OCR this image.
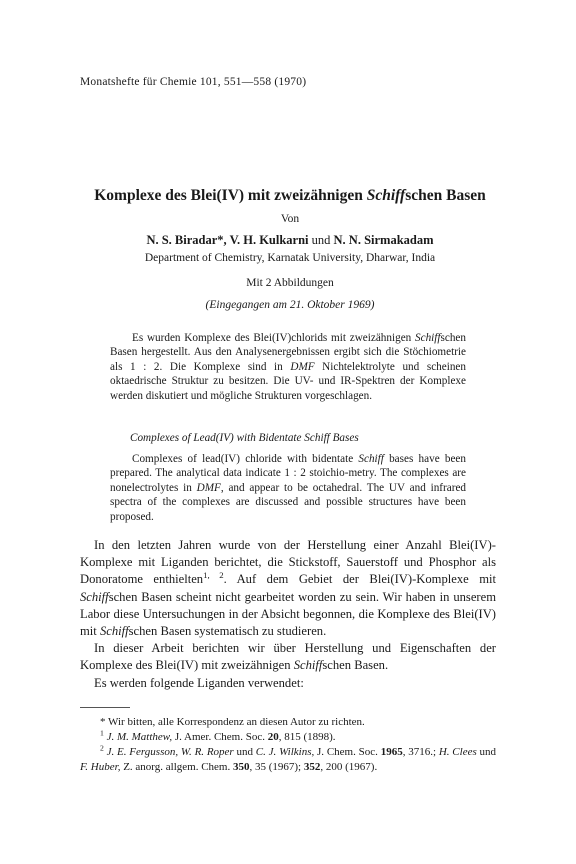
Monatshefte für Chemie 101, 551—558 (1970)
Komplexe des Blei(IV) mit zweizähnigen Schiffschen Basen
Von
N. S. Biradar*, V. H. Kulkarni und N. N. Sirmakadam
Department of Chemistry, Karnatak University, Dharwar, India
Mit 2 Abbildungen
(Eingegangen am 21. Oktober 1969)

Es wurden Komplexe des Blei(IV)chlorids mit zweizähnigen Schiffschen Basen hergestellt. Aus den Analysenergebnissen ergibt sich die Stöchiometrie als 1 : 2. Die Komplexe sind in DMF Nichtelektrolyte und scheinen oktaedrische Struktur zu besitzen. Die UV- und IR-Spektren der Komplexe werden diskutiert und mögliche Strukturen vorgeschlagen.

Complexes of Lead(IV) with Bidentate Schiff Bases

Complexes of lead(IV) chloride with bidentate Schiff bases have been prepared. The analytical data indicate 1 : 2 stoichio-metry. The complexes are nonelectrolytes in DMF, and appear to be octahedral. The UV and infrared spectra of the complexes are discussed and possible structures have been proposed.

In den letzten Jahren wurde von der Herstellung einer Anzahl Blei(IV)-Komplexe mit Liganden berichtet, die Stickstoff, Sauerstoff und Phosphor als Donoratome enthielten$^{1, 2}$. Auf dem Gebiet der Blei(IV)-Komplexe mit Schiffschen Basen scheint nicht gearbeitet worden zu sein. Wir haben in unserem Labor diese Untersuchungen in der Absicht begonnen, die Komplexe des Blei(IV) mit Schiffschen Basen systematisch zu studieren.

In dieser Arbeit berichten wir über Herstellung und Eigenschaften der Komplexe des Blei(IV) mit zweizähnigen Schiffschen Basen.

Es werden folgende Liganden verwendet:

* Wir bitten, alle Korrespondenz an diesen Autor zu richten.

$^1$ J. M. Matthew, J. Amer. Chem. Soc. 20, 815 (1898).

$^2$ J. E. Fergusson, W. R. Roper und C. J. Wilkins, J. Chem. Soc. 1965, 3716.; H. Clees und F. Huber, Z. anorg. allgem. Chem. 350, 35 (1967); 352, 200 (1967).
